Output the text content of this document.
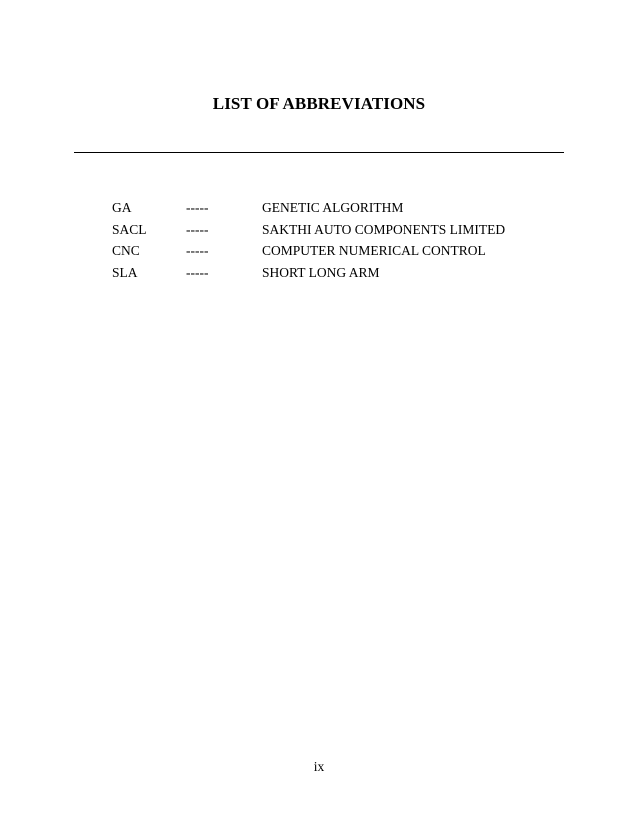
LIST OF ABBREVIATIONS
GA	-----	GENETIC ALGORITHM
SACL	-----	SAKTHI AUTO COMPONENTS LIMITED
CNC	-----	COMPUTER NUMERICAL CONTROL
SLA	-----	SHORT LONG ARM
ix
